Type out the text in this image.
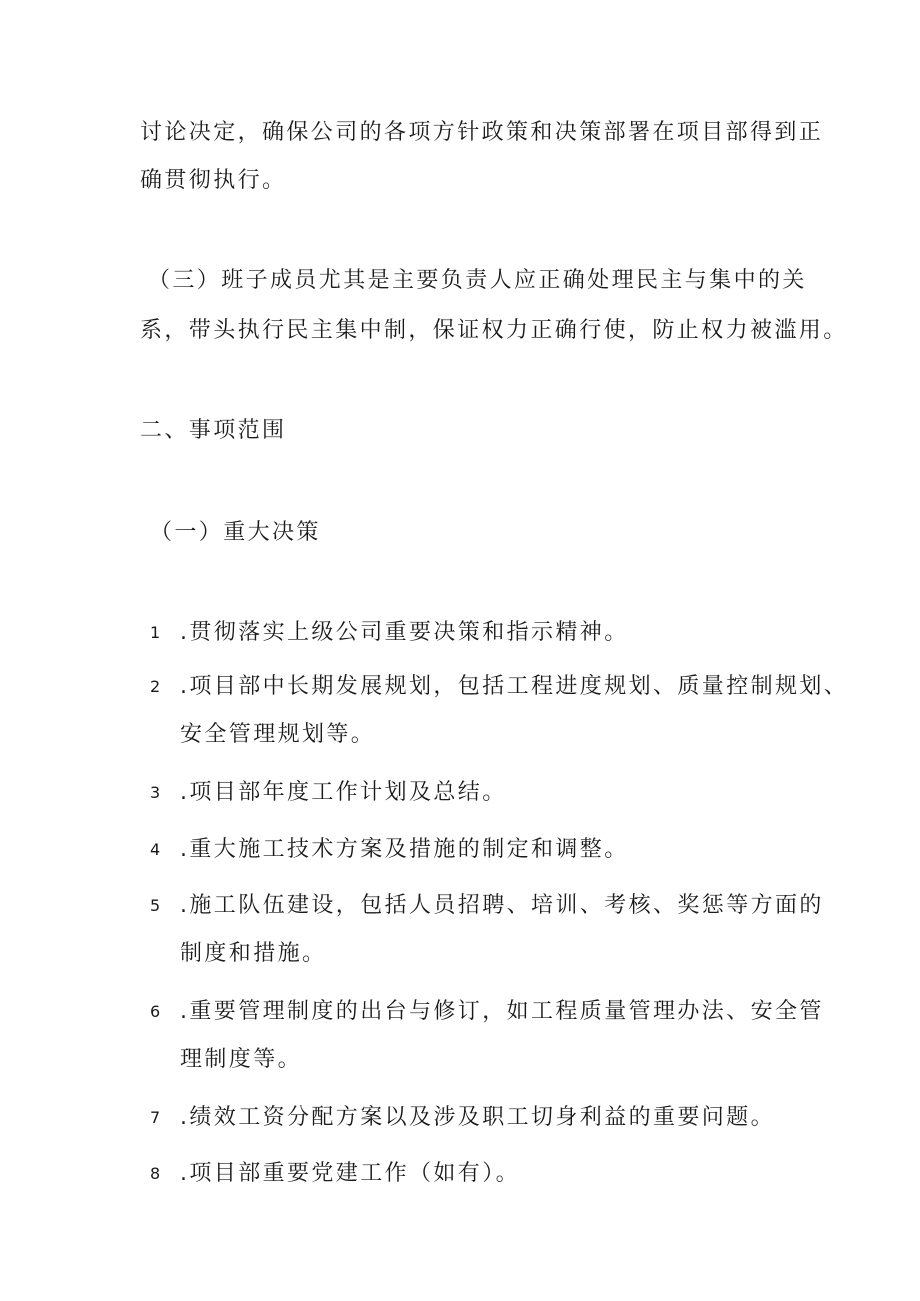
讨论决定，确保公司的各项方针政策和决策部署在项目部得到正
确贯彻执行。
（三）班子成员尤其是主要负责人应正确处理民主与集中的关
系，带头执行民主集中制，保证权力正确行使，防止权力被滥用。
二、事项范围
（一）重大决策
1 .贯彻落实上级公司重要决策和指示精神。
2 .项目部中长期发展规划，包括工程进度规划、质量控制规划、
安全管理规划等。
3 .项目部年度工作计划及总结。
4 .重大施工技术方案及措施的制定和调整。
5 .施工队伍建设，包括人员招聘、培训、考核、奖惩等方面的
制度和措施。
6 .重要管理制度的出台与修订，如工程质量管理办法、安全管
理制度等。
7 .绩效工资分配方案以及涉及职工切身利益的重要问题。
8 .项目部重要党建工作（如有）。
